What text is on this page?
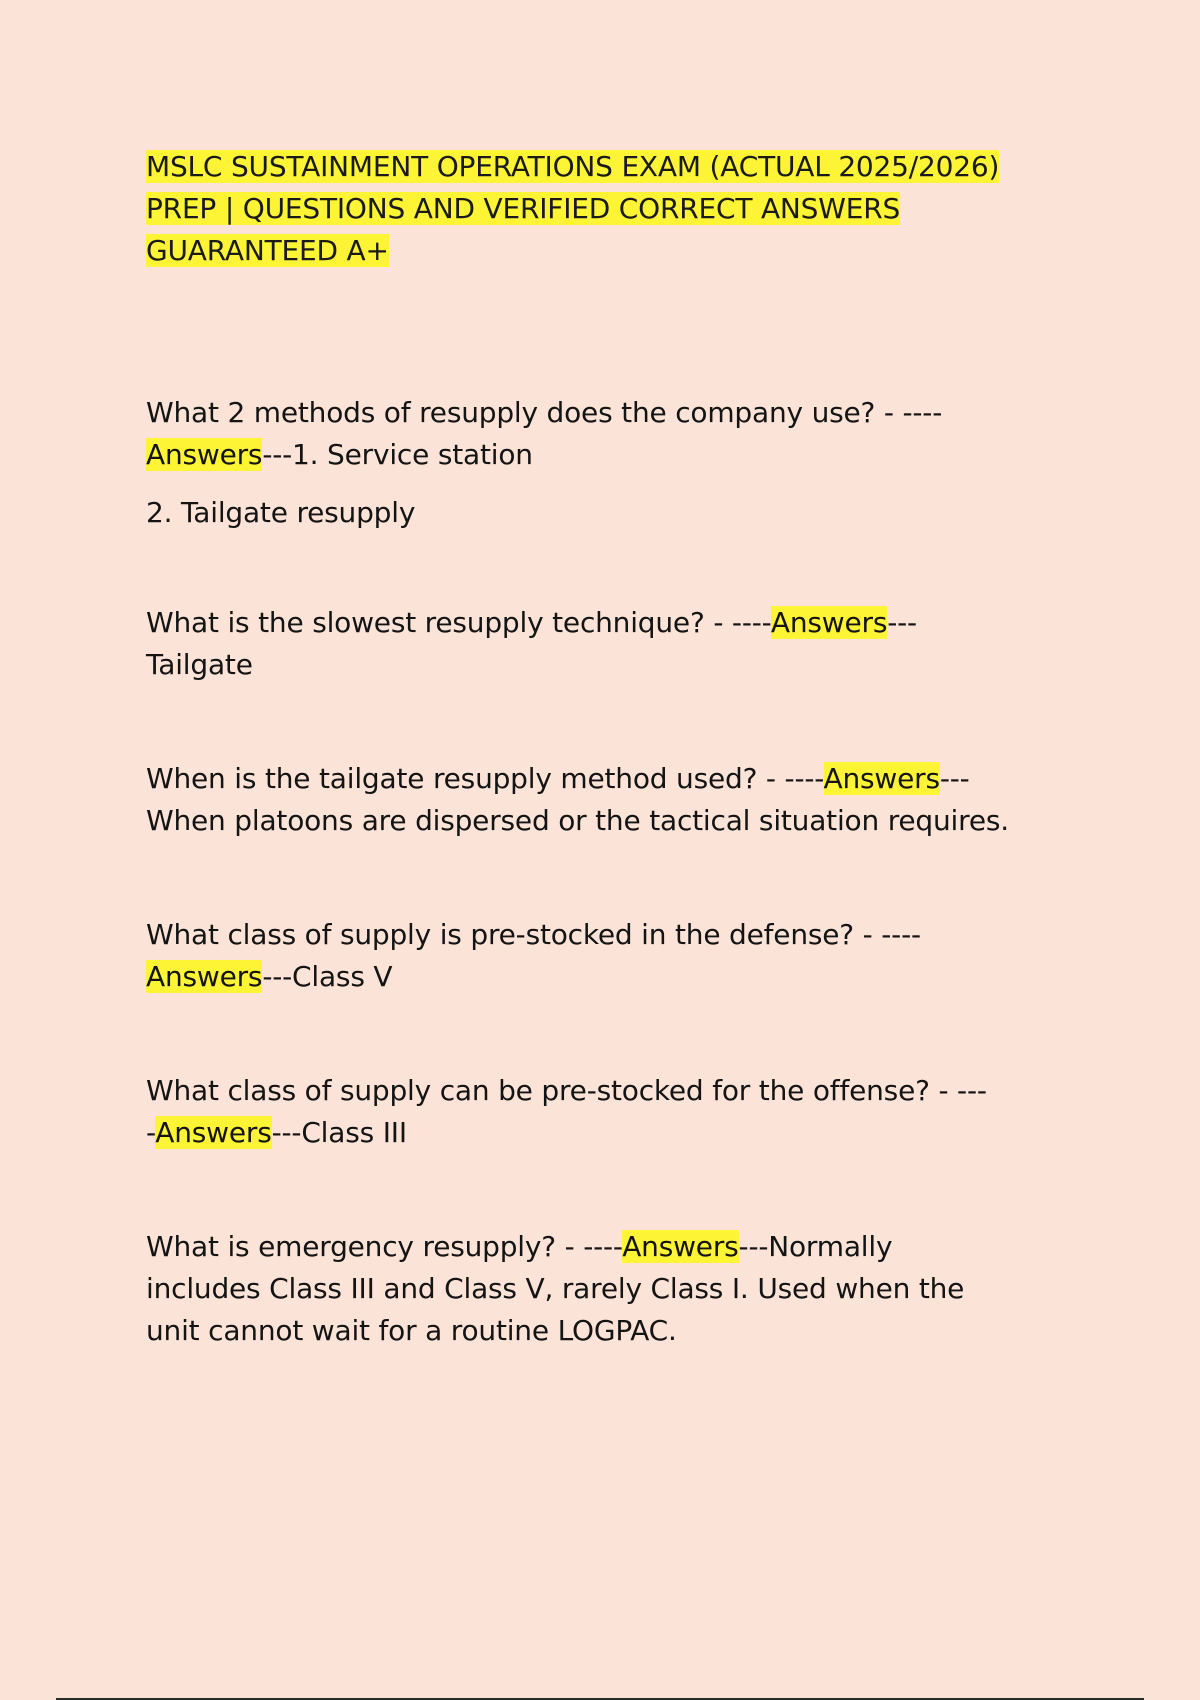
MSLC SUSTAINMENT OPERATIONS EXAM (ACTUAL 2025/2026)
PREP | QUESTIONS AND VERIFIED CORRECT ANSWERS
GUARANTEED A+

What 2 methods of resupply does the company use? - ----

Answers---1. Service station

2. Tailgate resupply

What is the slowest resupply technique? - ----Answers---

Tailgate

When is the tailgate resupply method used? - ----Answers---

When platoons are dispersed or the tactical situation requires.

What class of supply is pre-stocked in the defense? - ----

Answers---Class V

What class of supply can be pre-stocked for the offense? - ---

-Answers---Class III

What is emergency resupply? - ----Answers---Normally

includes Class III and Class V, rarely Class I. Used when the

unit cannot wait for a routine LOGPAC.
